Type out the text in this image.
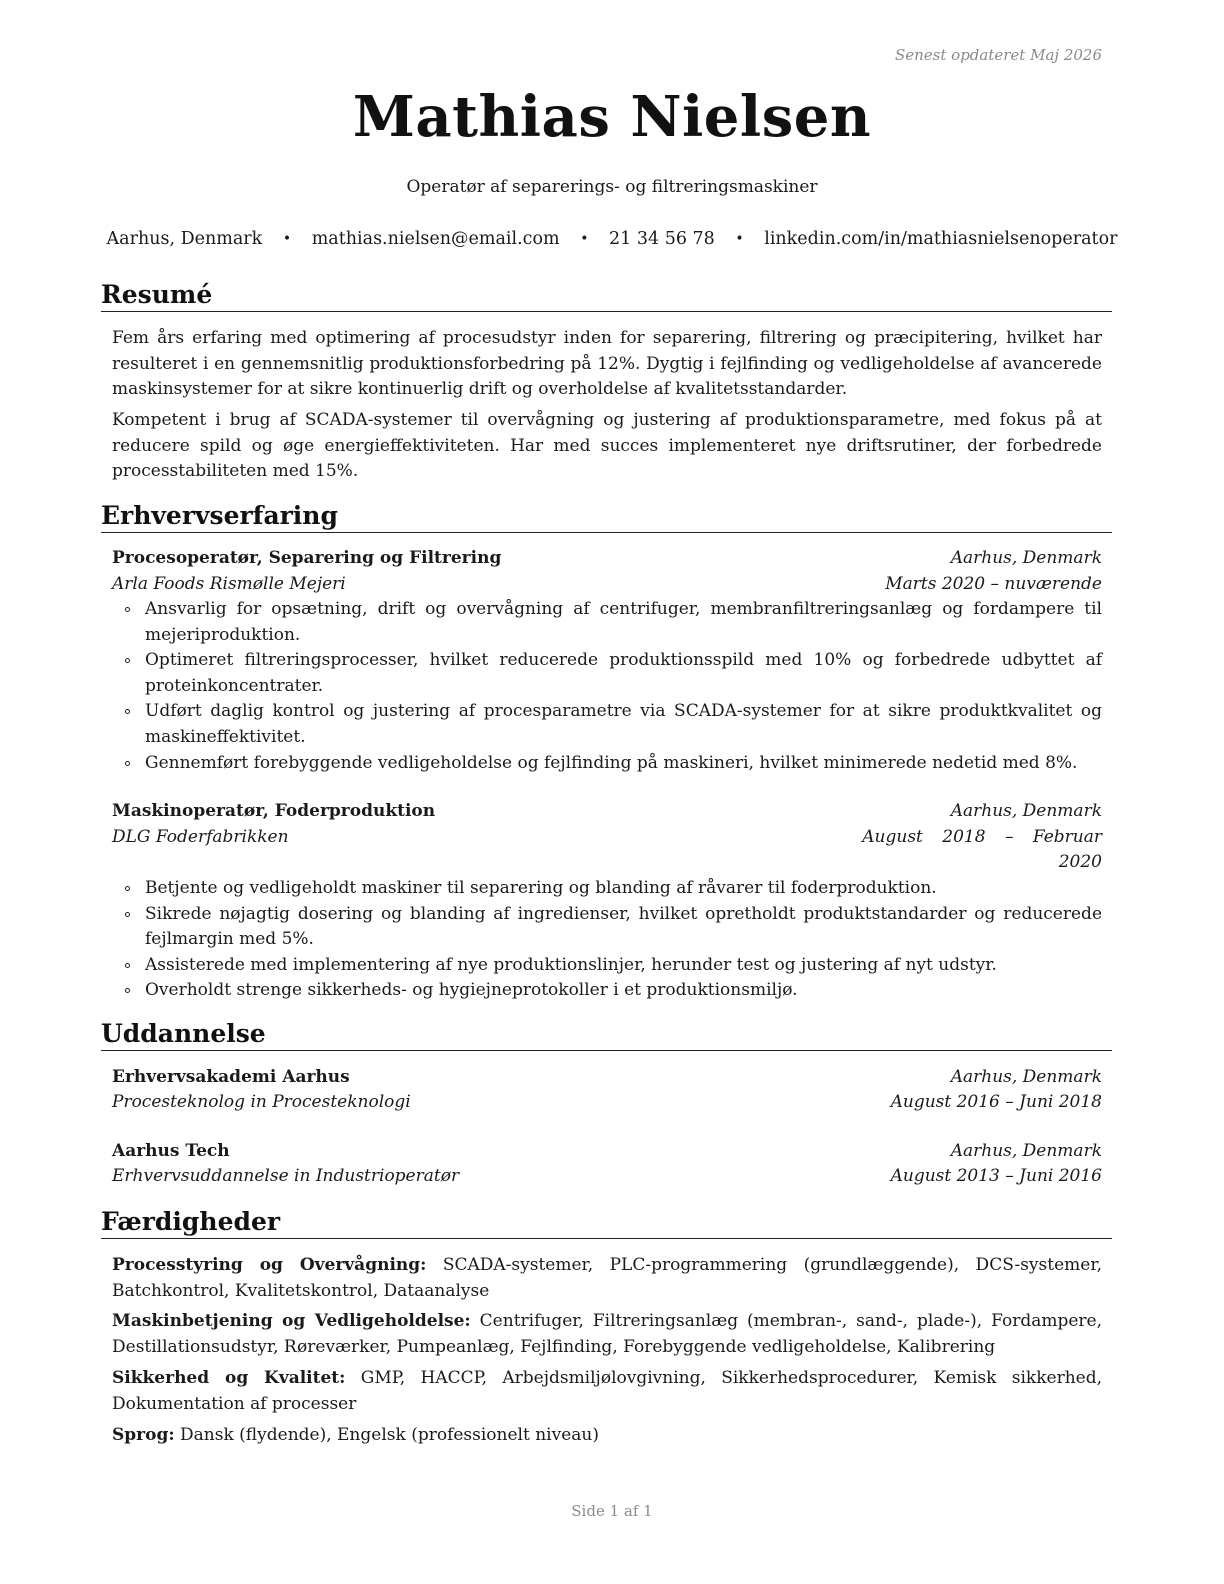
Senest opdateret Maj 2026
Mathias Nielsen
Operatør af separerings- og filtreringsmaskiner
Aarhus, Denmark • mathias.nielsen@email.com • 21 34 56 78 • linkedin.com/in/mathiasnielsenoperator
Resumé

Fem års erfaring med optimering af procesudstyr inden for separering, filtrering og præcipitering, hvilket har resulteret i en gennemsnitlig produktionsforbedring på 12%. Dygtig i fejlfinding og vedligeholdelse af avancerede maskinsystemer for at sikre kontinuerlig drift og overholdelse af kvalitetsstandarder.

Kompetent i brug af SCADA-systemer til overvågning og justering af produktionsparametre, med fokus på at reducere spild og øge energieffektiviteten. Har med succes implementeret nye driftsrutiner, der forbedrede processtabiliteten med 15%.

Erhvervserfaring
Procesoperatør, Separering og Filtrering	Aarhus, Denmark
Arla Foods Rismølle Mejeri	Marts 2020 – nuværende
Ansvarlig for opsætning, drift og overvågning af centrifuger, membranfiltreringsanlæg og fordampere til mejeriproduktion.
Optimeret filtreringsprocesser, hvilket reducerede produktionsspild med 10% og forbedrede udbyttet af proteinkoncentrater.
Udført daglig kontrol og justering af procesparametre via SCADA-systemer for at sikre produktkvalitet og maskineffektivitet.
Gennemført forebyggende vedligeholdelse og fejlfinding på maskineri, hvilket minimerede nedetid med 8%.
Maskinoperatør, Foderproduktion	Aarhus, Denmark
DLG Foderfabrikken	August 2018 – Februar
2020
Betjente og vedligeholdt maskiner til separering og blanding af råvarer til foderproduktion.
Sikrede nøjagtig dosering og blanding af ingredienser, hvilket opretholdt produktstandarder og reducerede fejlmargin med 5%.
Assisterede med implementering af nye produktionslinjer, herunder test og justering af nyt udstyr.
Overholdt strenge sikkerheds- og hygiejneprotokoller i et produktionsmiljø.
Uddannelse
Erhvervsakademi Aarhus	Aarhus, Denmark
Procesteknolog in Procesteknologi	August 2016 – Juni 2018
Aarhus Tech	Aarhus, Denmark
Erhvervsuddannelse in Industrioperatør	August 2013 – Juni 2016
Færdigheder

Processtyring og Overvågning: SCADA-systemer, PLC-programmering (grundlæggende), DCS-systemer, Batchkontrol, Kvalitetskontrol, Dataanalyse

Maskinbetjening og Vedligeholdelse: Centrifuger, Filtreringsanlæg (membran-, sand-, plade-), Fordampere, Destillationsudstyr, Røreværker, Pumpeanlæg, Fejlfinding, Forebyggende vedligeholdelse, Kalibrering

Sikkerhed og Kvalitet: GMP, HACCP, Arbejdsmiljølovgivning, Sikkerhedsprocedurer, Kemisk sikkerhed, Dokumentation af processer

Sprog: Dansk (flydende), Engelsk (professionelt niveau)

Side 1 af 1
